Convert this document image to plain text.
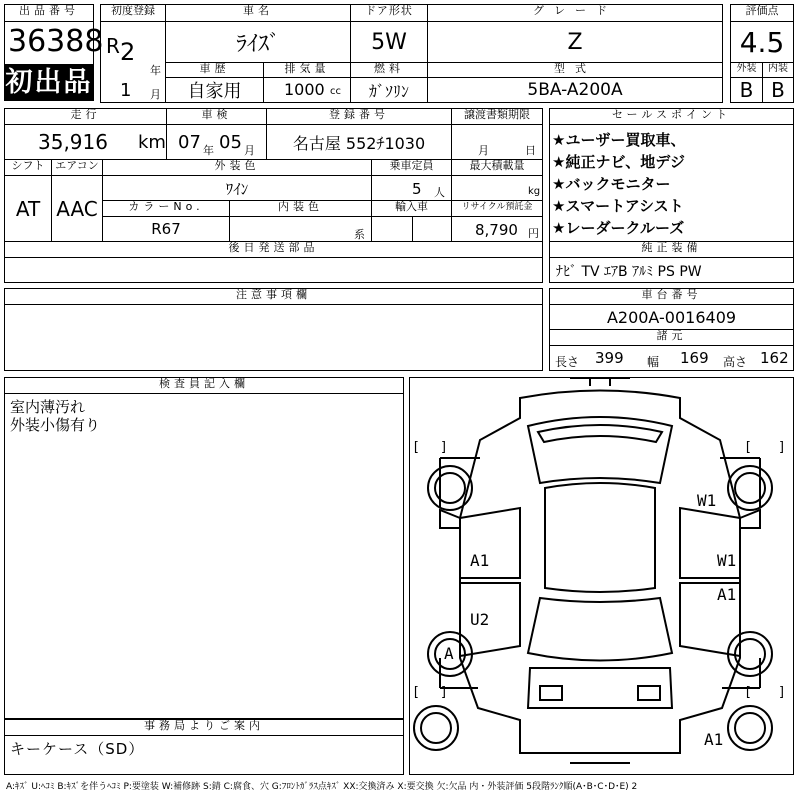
出品番号
36388
初出品
初度登録
R 2
年
1 月
車名
ﾗｲｽﾞ
ドア形状
5W
グレード
Z
車歴
自家用
排気量
1000 cc
燃料
ｶﾞｿﾘﾝ
型式
5BA-A200A
評価点
4.5
外装	内装
B B
走行
35,916 km
車検
07 年 05 月
登録番号
名古屋 552ﾁ1030
譲渡書類期限
月	日
シフト
AT
エアコン
AAC
外装色
ﾜｲﾝ
乗車定員
5 人
最大積載量
kg
カラーNo.
R67
内装色
系
輸入車	リサイクル預託金
8,790 円
後日発送部品
セールスポイント
★ユーザー買取車、
★純正ナビ、地デジ
★バックモニター
★スマートアシスト
★レーダークルーズ
純正装備
ﾅﾋﾞ TV ｴｱB ｱﾙﾐ PS PW
注意事項欄	車台番号
A200A-0016409
諸元
長さ 399 幅 169 高さ 162
検査員記入欄
室内薄汚れ
外装小傷有り
事務局よりご案内
キーケース（SD）
W1
A1	W1
A1
U2
A
A1
[ ]	[ ]
[ ]	[ ]
A:ｷｽﾞ U:ﾍｺﾐ B:ｷｽﾞを伴うﾍｺﾐ P:要塗装 W:補修跡 S:錆 C:腐食、穴 G:ﾌﾛﾝﾄｶﾞﾗｽ点ｷｽﾞ XX:交換済み X:要交換 欠:欠品 内・外装評価 5段階ﾗﾝｸ順(A･B･C･D･E) 2
